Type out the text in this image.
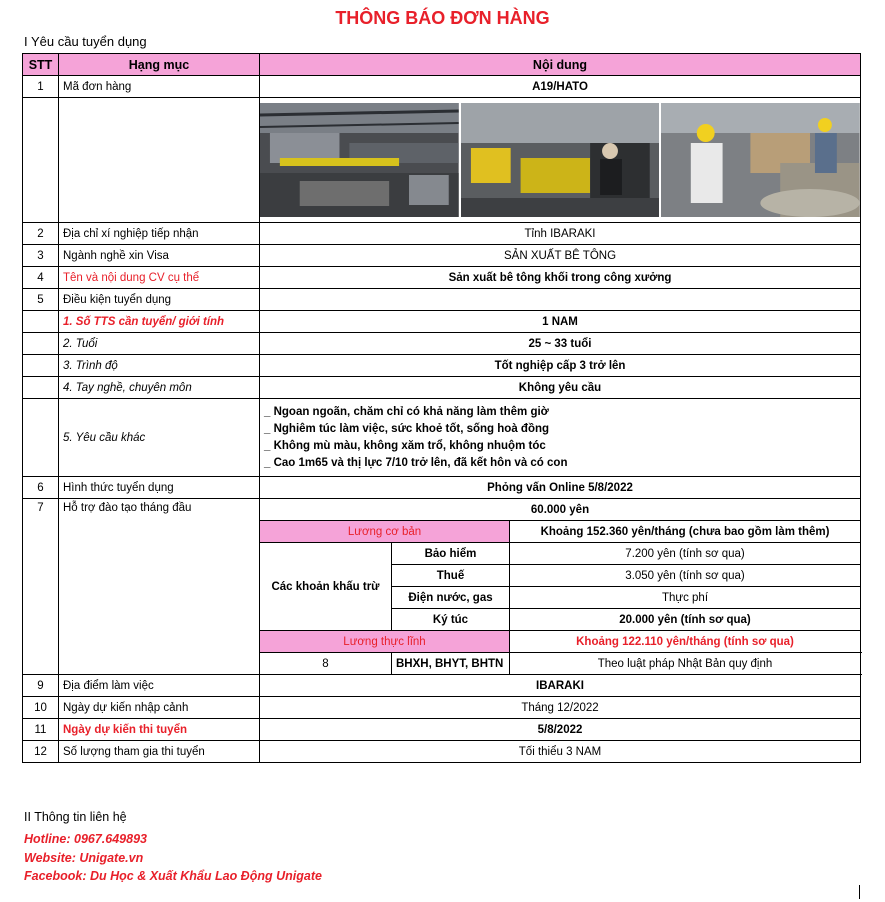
THÔNG BÁO ĐƠN HÀNG
I Yêu cầu tuyển dụng
STT	Hạng mục	Nội dung		
1	Mã đơn hàng	A19/HATO		

2	Địa chỉ xí nghiệp tiếp nhận	Tỉnh IBARAKI		
3	Ngành nghề xin Visa	SẢN XUẤT BÊ TÔNG		
4	Tên và nội dung CV cụ thể	Sản xuất bê tông khối trong công xưởng		
5	Điều kiện tuyển dụng			
	1. Số TTS cần tuyển/ giới tính	1 NAM		
	2. Tuổi	25 ~ 33 tuổi		
	3. Trình độ	Tốt nghiệp cấp 3 trở lên		
	4. Tay nghề, chuyên môn	Không yêu cầu		
	5. Yêu cầu khác	_ Ngoan ngoãn, chăm chỉ có khả năng làm thêm giờ
_ Nghiêm túc làm việc, sức khoẻ tốt, sống hoà đồng
_ Không mù màu, không xăm trổ, không nhuộm tóc
_ Cao 1m65 và thị lực 7/10 trở lên, đã kết hôn và có con		

6	Hình thức tuyển dụng	Phỏng vấn Online 5/8/2022		
7	Hỗ trợ đào tạo tháng đầu	60.000 yên		
		Lương cơ bản		Khoảng 152.360 yên/tháng (chưa bao gồm làm thêm)
		Các khoản khấu trừ	Bảo hiểm	7.200 yên (tính sơ qua)
			Thuế	3.050 yên (tính sơ qua)
			Điện nước, gas	Thực phí
			Ký túc	20.000 yên (tính sơ qua)
		Lương thực lĩnh		Khoảng 122.110 yên/tháng (tính sơ qua)
		8	BHXH, BHYT, BHTN	Theo luật pháp Nhật Bản quy định
9	Địa điểm làm việc	IBARAKI		
10	Ngày dự kiến nhập cảnh	Tháng 12/2022		
11	Ngày dự kiến thi tuyển	5/8/2022		
12	Số lượng tham gia thi tuyển	Tối thiểu 3 NAM		
II Thông tin liên hệ
Hotline: 0967.649893
Website: Unigate.vn
Facebook: Du Học & Xuất Khẩu Lao Động Unigate
